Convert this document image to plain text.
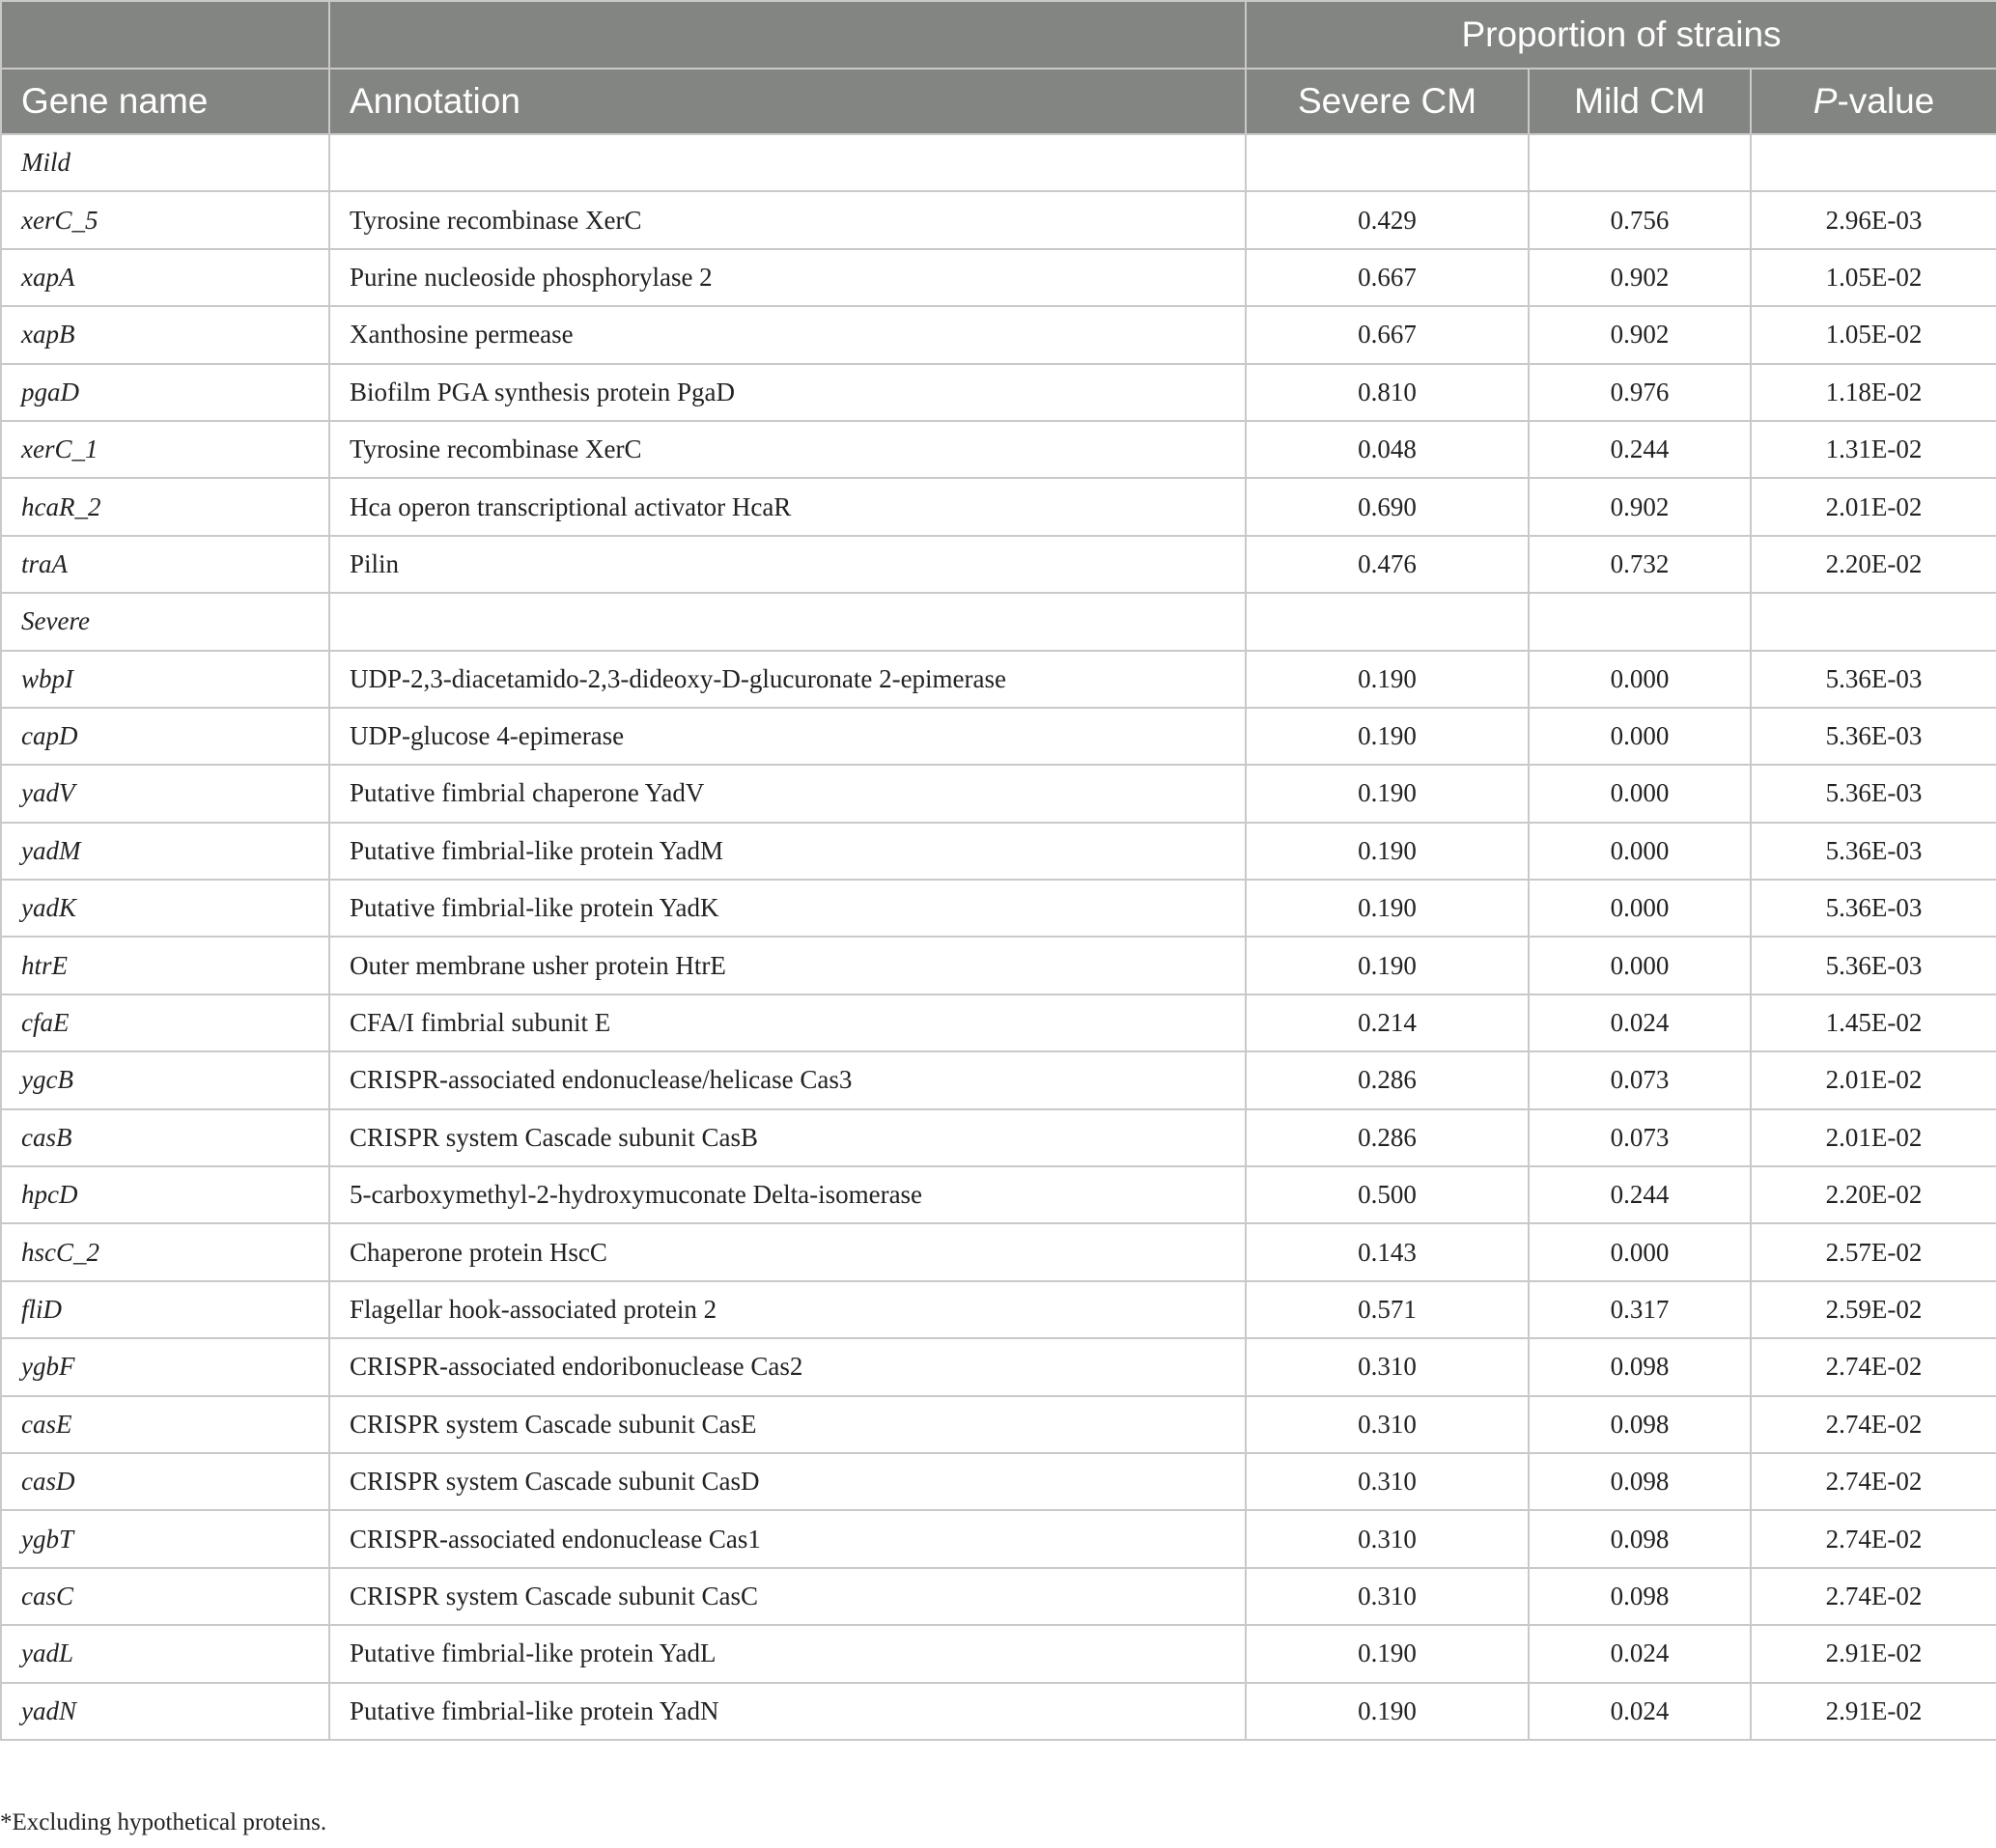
		Proportion of strains		
Gene name	Annotation	Severe CM	Mild CM	P-value
Mild				
xerC_5	Tyrosine recombinase XerC	0.429	0.756	2.96E-03
xapA	Purine nucleoside phosphorylase 2	0.667	0.902	1.05E-02
xapB	Xanthosine permease	0.667	0.902	1.05E-02
pgaD	Biofilm PGA synthesis protein PgaD	0.810	0.976	1.18E-02
xerC_1	Tyrosine recombinase XerC	0.048	0.244	1.31E-02
hcaR_2	Hca operon transcriptional activator HcaR	0.690	0.902	2.01E-02
traA	Pilin	0.476	0.732	2.20E-02
Severe				
wbpI	UDP-2,3-diacetamido-2,3-dideoxy-D-glucuronate 2-epimerase	0.190	0.000	5.36E-03
capD	UDP-glucose 4-epimerase	0.190	0.000	5.36E-03
yadV	Putative fimbrial chaperone YadV	0.190	0.000	5.36E-03
yadM	Putative fimbrial-like protein YadM	0.190	0.000	5.36E-03
yadK	Putative fimbrial-like protein YadK	0.190	0.000	5.36E-03
htrE	Outer membrane usher protein HtrE	0.190	0.000	5.36E-03
cfaE	CFA/I fimbrial subunit E	0.214	0.024	1.45E-02
ygcB	CRISPR-associated endonuclease/helicase Cas3	0.286	0.073	2.01E-02
casB	CRISPR system Cascade subunit CasB	0.286	0.073	2.01E-02
hpcD	5-carboxymethyl-2-hydroxymuconate Delta-isomerase	0.500	0.244	2.20E-02
hscC_2	Chaperone protein HscC	0.143	0.000	2.57E-02
fliD	Flagellar hook-associated protein 2	0.571	0.317	2.59E-02
ygbF	CRISPR-associated endoribonuclease Cas2	0.310	0.098	2.74E-02
casE	CRISPR system Cascade subunit CasE	0.310	0.098	2.74E-02
casD	CRISPR system Cascade subunit CasD	0.310	0.098	2.74E-02
ygbT	CRISPR-associated endonuclease Cas1	0.310	0.098	2.74E-02
casC	CRISPR system Cascade subunit CasC	0.310	0.098	2.74E-02
yadL	Putative fimbrial-like protein YadL	0.190	0.024	2.91E-02
yadN	Putative fimbrial-like protein YadN	0.190	0.024	2.91E-02
*Excluding hypothetical proteins.
